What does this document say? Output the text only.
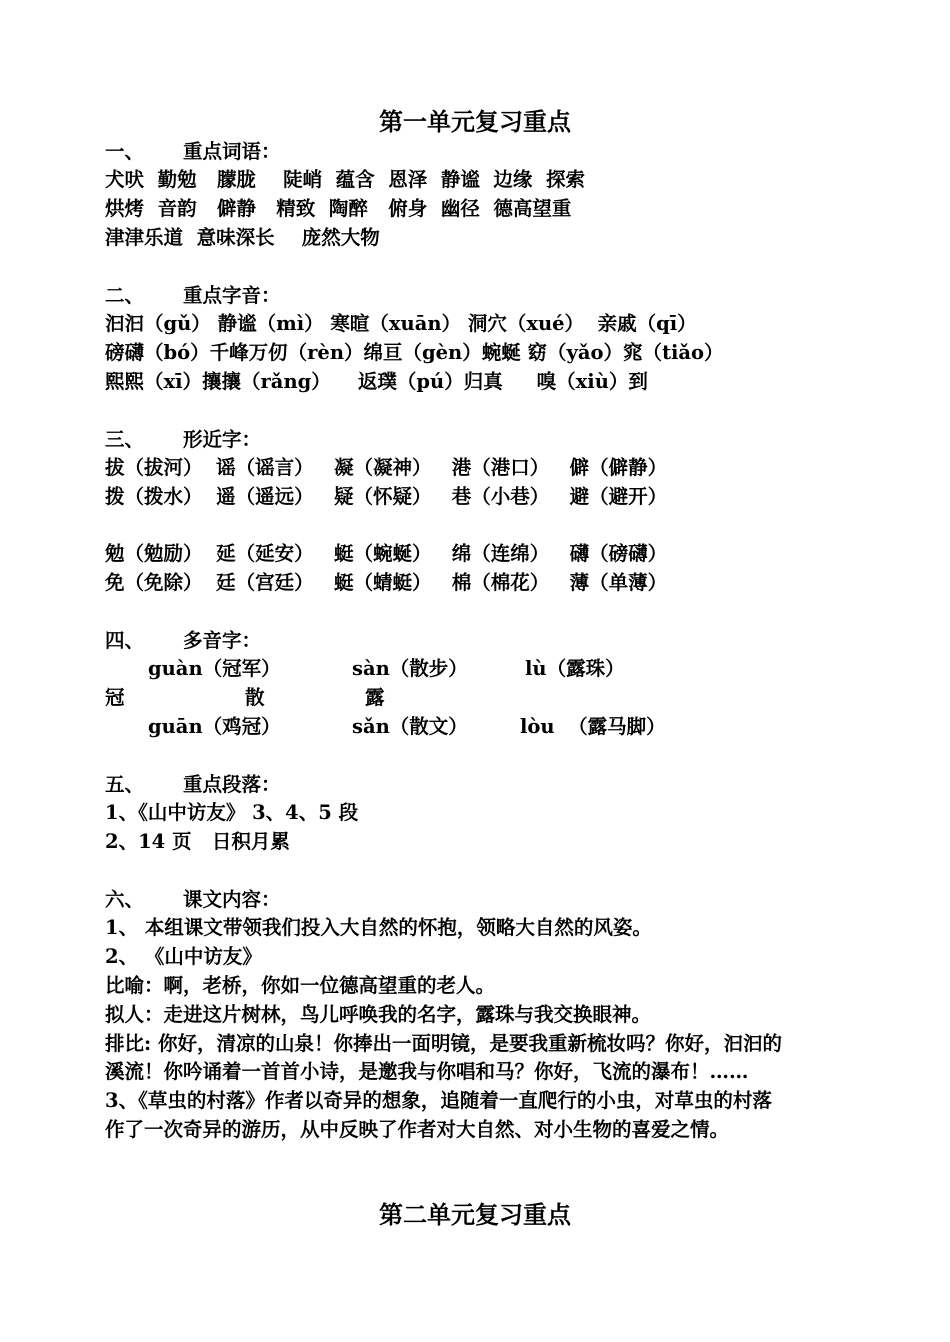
第一单元复习重点
一、 重点词语：
犬吠  勤勉   朦胧    陡峭  蕴含  恩泽  静谧  边缘  探索
烘烤  音韵   僻静   精致  陶醉   俯身  幽径  德高望重
津津乐道  意味深长    庞然大物
二、 重点字音：
汩汩（gǔ） 静谧（mì） 寒暄（xuān） 洞穴（xué）  亲戚（qī）
磅礴（bó）千峰万仞（rèn）绵亘（gèn）蜿蜒 窈（yǎo）窕（tiǎo）
熙熙（xī）攘攘（rǎng）    返璞（pú）归真     嗅（xiù）到
三、 形近字：
拔（拔河）  谣（谣言）   凝（凝神）   港（港口）   僻（僻静）
拨（拨水）  遥（遥远）   疑（怀疑）   巷（小巷）   避（避开）
勉（勉励）  延（延安）   蜓（蜿蜒）   绵（连绵）   礴（磅礴）
免（免除）  廷（宫廷）   蜓（蜻蜓）   棉（棉花）   薄（单薄）
四、 多音字：
guàn（冠军）	sàn（散步）	lù（露珠）
冠	散	露
guān（鸡冠）	sǎn（散文）	lòu  （露马脚）
五、 重点段落：
1、《山中访友》 3、4、5 段
2、14 页   日积月累
六、 课文内容：
1、 本组课文带领我们投入大自然的怀抱，领略大自然的风姿。
2、 《山中访友》
比喻：啊，老桥，你如一位德高望重的老人。
拟人：走进这片树林，鸟儿呼唤我的名字，露珠与我交换眼神。
排比: 你好，清凉的山泉！你捧出一面明镜，是要我重新梳妆吗？你好，汩汩的
溪流！你吟诵着一首首小诗，是邀我与你唱和马？你好，飞流的瀑布！……
3、《草虫的村落》作者以奇异的想象，追随着一直爬行的小虫，对草虫的村落
作了一次奇异的游历，从中反映了作者对大自然、对小生物的喜爱之情。
第二单元复习重点
